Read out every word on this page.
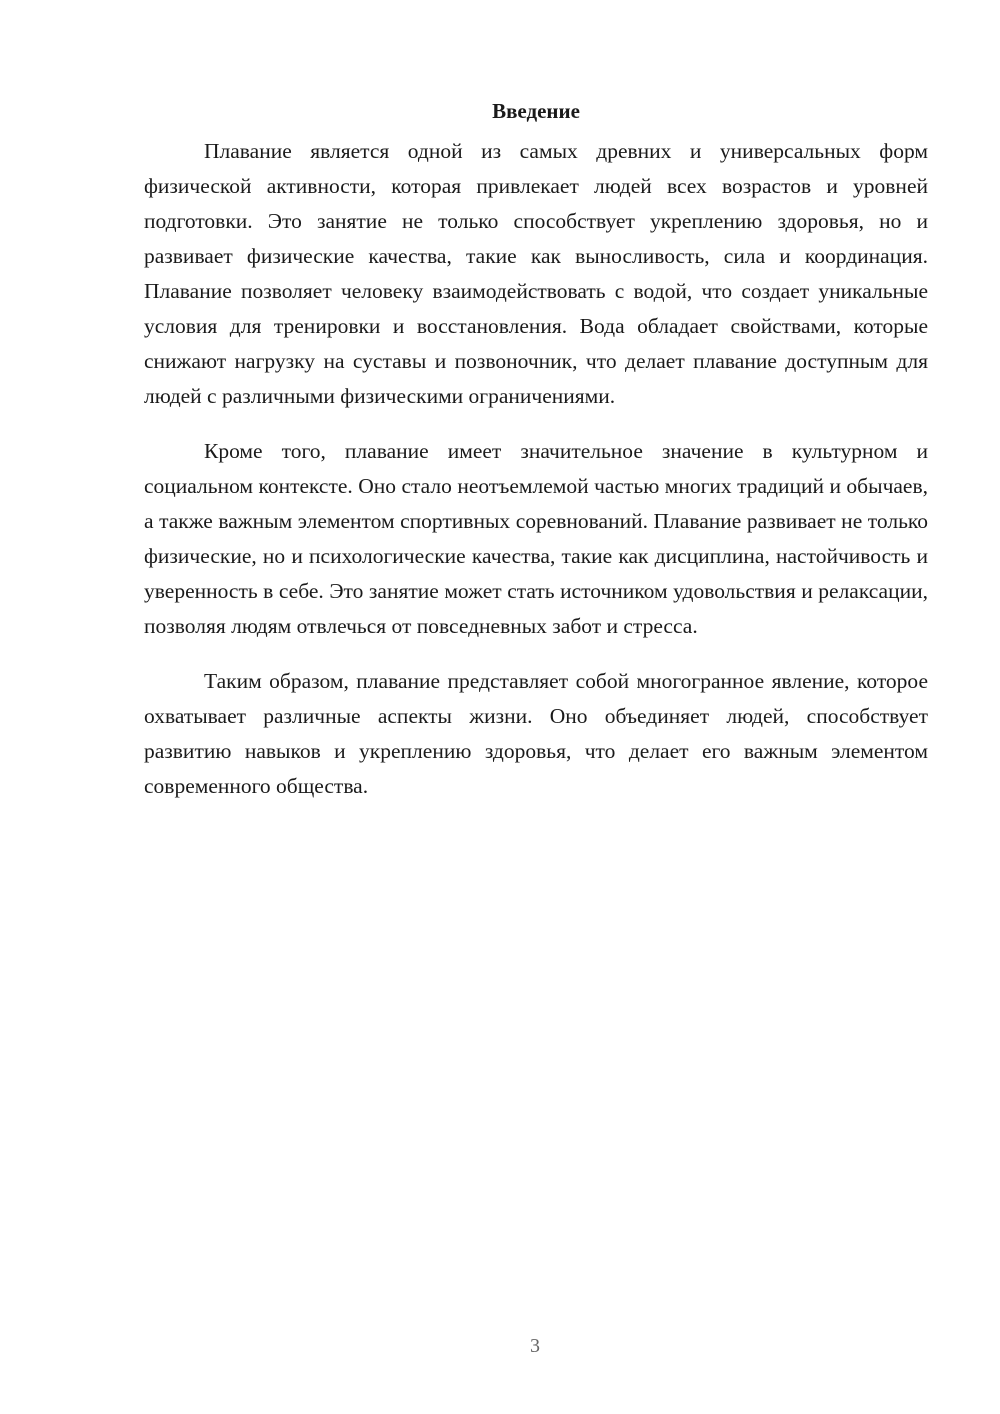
Введение

Плавание является одной из самых древних и универсальных форм физической активности, которая привлекает людей всех возрастов и уровней подготовки. Это занятие не только способствует укреплению здоровья, но и развивает физические качества, такие как выносливость, сила и координация. Плавание позволяет человеку взаимодействовать с водой, что создает уникальные условия для тренировки и восстановления. Вода обладает свойствами, которые снижают нагрузку на суставы и позвоночник, что делает плавание доступным для людей с различными физическими ограничениями.

Кроме того, плавание имеет значительное значение в культурном и социальном контексте. Оно стало неотъемлемой частью многих традиций и обычаев, а также важным элементом спортивных соревнований. Плавание развивает не только физические, но и психологические качества, такие как дисциплина, настойчивость и уверенность в себе. Это занятие может стать источником удовольствия и релаксации, позволяя людям отвлечься от повседневных забот и стресса.

Таким образом, плавание представляет собой многогранное явление, которое охватывает различные аспекты жизни. Оно объединяет людей, способствует развитию навыков и укреплению здоровья, что делает его важным элементом современного общества.

3
